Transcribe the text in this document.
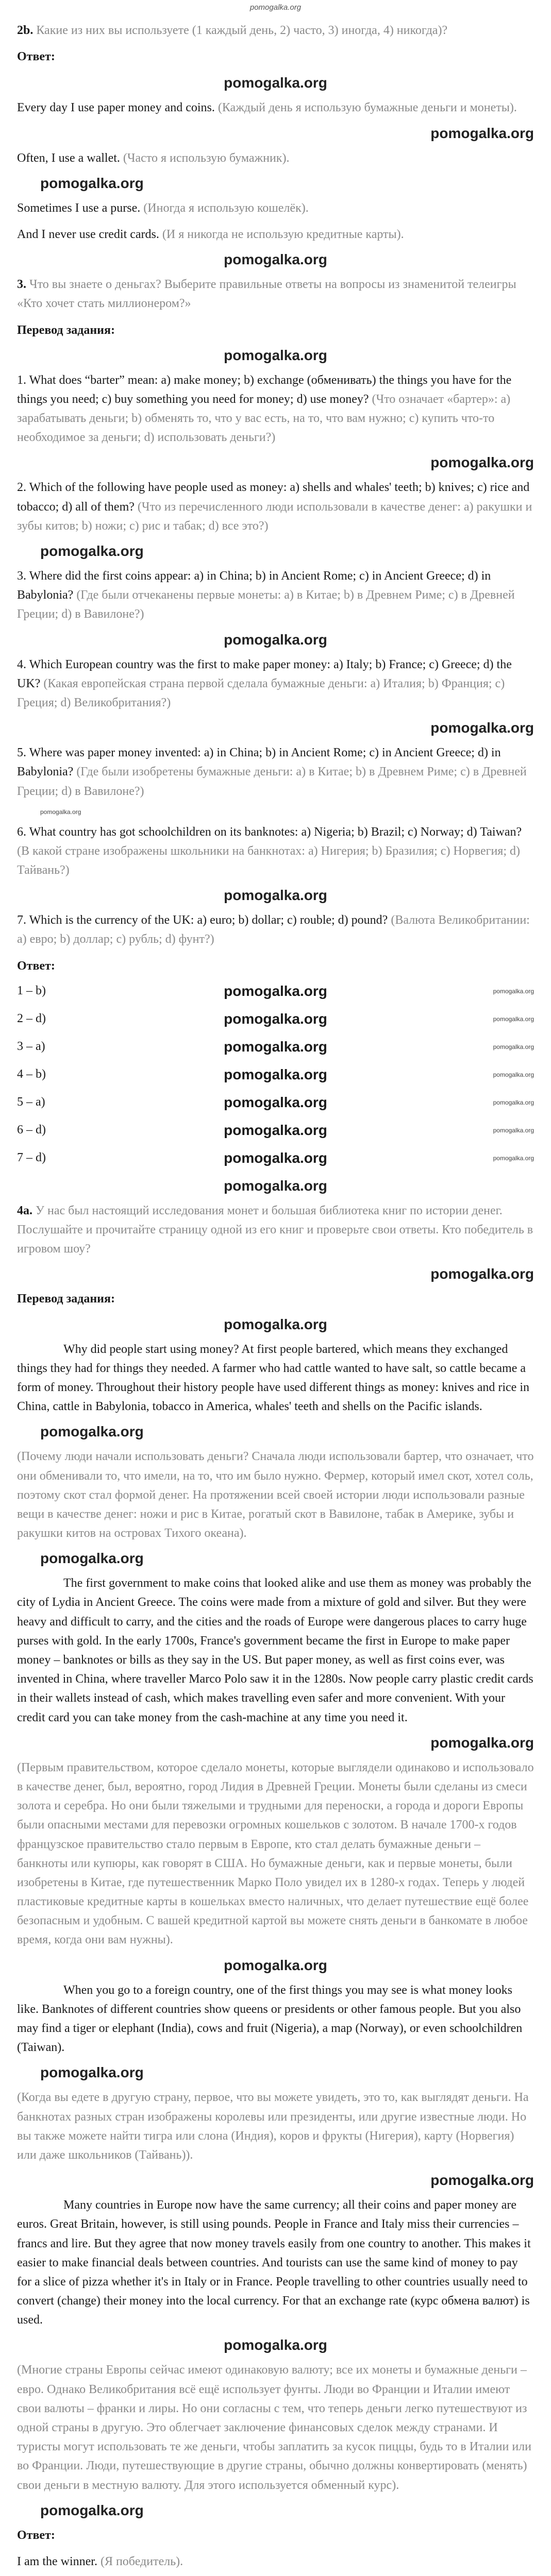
pomogalka.org

2b. Какие из них вы используете (1 каждый день, 2) часто, 3) иногда, 4) никогда)?

Ответ:

pomogalka.org

Every day I use paper money and coins. (Каждый день я использую бумажные деньги и монеты).

pomogalka.org

Often, I use a wallet. (Часто я использую бумажник).

pomogalka.org

Sometimes I use a purse. (Иногда я использую кошелёк).

And I never use credit cards. (И я никогда не использую кредитные карты).

pomogalka.org

3. Что вы знаете о деньгах? Выберите правильные ответы на вопросы из знаменитой телеигры «Кто хочет стать миллионером?»

Перевод задания:

pomogalka.org

1. What does “barter” mean: a) make money; b) exchange (обменивать) the things you have for the things you need; c) buy something you need for money; d) use money? (Что означает «бартер»: а) зарабатывать деньги; b) обменять то, что у вас есть, на то, что вам нужно; с) купить что-то необходимое за деньги; d) использовать деньги?)

pomogalka.org

2. Which of the following have people used as money: a) shells and whales' teeth; b) knives; c) rice and tobacco; d) all of them? (Что из перечисленного люди использовали в качестве денег: а) ракушки и зубы китов; b) ножи; с) рис и табак; d) все это?)

pomogalka.org

3. Where did the first coins appear: a) in China; b) in Ancient Rome; c) in Ancient Greece; d) in Babylonia? (Где были отчеканены первые монеты: а) в Китае; b) в Древнем Риме; с) в Древней Греции; d) в Вавилоне?)

pomogalka.org

4. Which European country was the first to make paper money: a) Italy; b) France; c) Greece; d) the UK? (Какая европейская страна первой сделала бумажные деньги: а) Италия; b) Франция; с) Греция; d) Великобритания?)

pomogalka.org

5. Where was paper money invented: a) in China; b) in Ancient Rome; c) in Ancient Greece; d) in Babylonia? (Где были изобретены бумажные деньги: а) в Китае; b) в Древнем Риме; с) в Древней Греции; d) в Вавилоне?)

pomogalka.org

6. What country has got schoolchildren on its banknotes: a) Nigeria; b) Brazil; c) Norway; d) Taiwan? (В какой стране изображены школьники на банкнотах: а) Нигерия; b) Бразилия; с) Норвегия; d) Тайвань?)

pomogalka.org

7. Which is the currency of the UK: a) euro; b) dollar; c) rouble; d) pound? (Валюта Великобритании: а) евро; b) доллар; с) рубль; d) фунт?)

Ответ:

1 – b)	pomogalka.org	pomogalka.org
2 – d)	pomogalka.org	pomogalka.org
3 – a)	pomogalka.org	pomogalka.org
4 – b)	pomogalka.org	pomogalka.org
5 – a)	pomogalka.org	pomogalka.org
6 – d)	pomogalka.org	pomogalka.org
7 – d)	pomogalka.org	pomogalka.org
pomogalka.org

4a. У нас был настоящий исследования монет и большая библиотека книг по истории денег. Послушайте и прочитайте страницу одной из его книг и проверьте свои ответы. Кто победитель в игровом шоу?

pomogalka.org

Перевод задания:

pomogalka.org

Why did people start using money? At first people bartered, which means they exchanged things they had for things they needed. A farmer who had cattle wanted to have salt, so cattle became a form of money. Throughout their history people have used different things as money: knives and rice in China, cattle in Babylonia, tobacco in America, whales' teeth and shells on the Pacific islands.

pomogalka.org

(Почему люди начали использовать деньги? Сначала люди использовали бартер, что означает, что они обменивали то, что имели, на то, что им было нужно. Фермер, который имел скот, хотел соль, поэтому скот стал формой денег. На протяжении всей своей истории люди использовали разные вещи в качестве денег: ножи и рис в Китае, рогатый скот в Вавилоне, табак в Америке, зубы и ракушки китов на островах Тихого океана).

pomogalka.org

The first government to make coins that looked alike and use them as money was probably the city of Lydia in Ancient Greece. The coins were made from a mixture of gold and silver. But they were heavy and difficult to carry, and the cities and the roads of Europe were dangerous places to carry huge purses with gold. In the early 1700s, France's government became the first in Europe to make paper money – banknotes or bills as they say in the US. But paper money, as well as first coins ever, was invented in China, where traveller Marco Polo saw it in the 1280s. Now people carry plastic credit cards in their wallets instead of cash, which makes travelling even safer and more convenient. With your credit card you can take money from the cash-machine at any time you need it.

pomogalka.org

(Первым правительством, которое сделало монеты, которые выглядели одинаково и использовало в качестве денег, был, вероятно, город Лидия в Древней Греции. Монеты были сделаны из смеси золота и серебра. Но они были тяжелыми и трудными для переноски, а города и дороги Европы были опасными местами для перевозки огромных кошельков с золотом. В начале 1700-х годов французское правительство стало первым в Европе, кто стал делать бумажные деньги – банкноты или купюры, как говорят в США. Но бумажные деньги, как и первые монеты, были изобретены в Китае, где путешественник Марко Поло увидел их в 1280-х годах. Теперь у людей пластиковые кредитные карты в кошельках вместо наличных, что делает путешествие ещё более безопасным и удобным. С вашей кредитной картой вы можете снять деньги в банкомате в любое время, когда они вам нужны).

pomogalka.org

When you go to a foreign country, one of the first things you may see is what money looks like. Banknotes of different countries show queens or presidents or other famous people. But you also may find a tiger or elephant (India), cows and fruit (Nigeria), a map (Norway), or even schoolchildren (Taiwan).

pomogalka.org

(Когда вы едете в другую страну, первое, что вы можете увидеть, это то, как выглядят деньги. На банкнотах разных стран изображены королевы или президенты, или другие известные люди. Но вы также можете найти тигра или слона (Индия), коров и фрукты (Нигерия), карту (Норвегия) или даже школьников (Тайвань)).

pomogalka.org

Many countries in Europe now have the same currency; all their coins and paper money are euros. Great Britain, however, is still using pounds. People in France and Italy miss their currencies – francs and lire. But they agree that now money travels easily from one country to another. This makes it easier to make financial deals between countries. And tourists can use the same kind of money to pay for a slice of pizza whether it's in Italy or in France. People travelling to other countries usually need to convert (change) their money into the local currency. For that an exchange rate (курс обмена валют) is used.

pomogalka.org

(Многие страны Европы сейчас имеют одинаковую валюту; все их монеты и бумажные деньги – евро. Однако Великобритания всё ещё использует фунты. Люди во Франции и Италии имеют свои валюты – франки и лиры. Но они согласны с тем, что теперь деньги легко путешествуют из одной страны в другую. Это облегчает заключение финансовых сделок между странами. И туристы могут использовать те же деньги, чтобы заплатить за кусок пиццы, будь то в Италии или во Франции. Люди, путешествующие в другие страны, обычно должны конвертировать (менять) свои деньги в местную валюту. Для этого используется обменный курс).

pomogalka.org

Ответ:

I am the winner. (Я победитель).
